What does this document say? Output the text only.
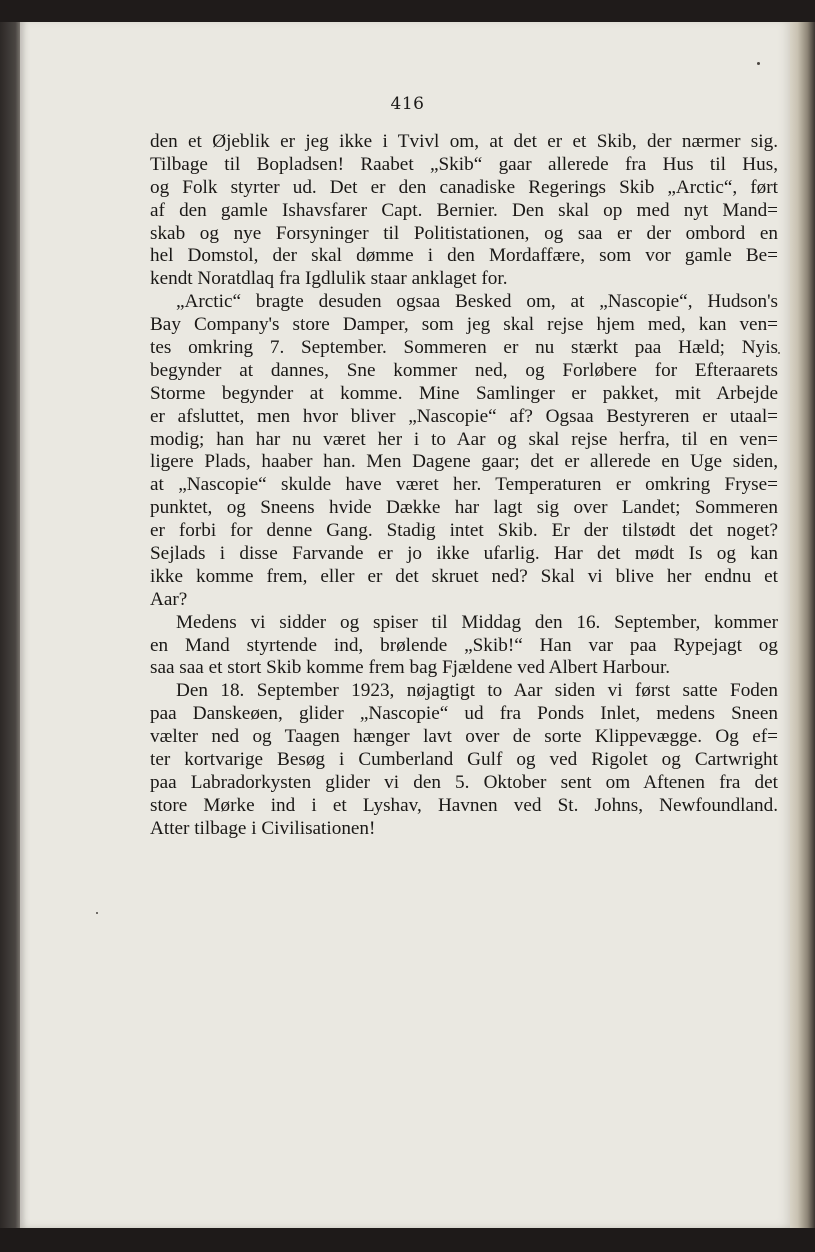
416
den et Øjeblik er jeg ikke i Tvivl om, at det er et Skib, der nærmer sig.
Tilbage til Bopladsen! Raabet „Skib“ gaar allerede fra Hus til Hus,
og Folk styrter ud. Det er den canadiske Regerings Skib „Arctic“, ført
af den gamle Ishavsfarer Capt. Bernier. Den skal op med nyt Mand=
skab og nye Forsyninger til Politistationen, og saa er der ombord en
hel Domstol, der skal dømme i den Mordaffære, som vor gamle Be=
kendt Noratdlaq fra Igdlulik staar anklaget for.
„Arctic“ bragte desuden ogsaa Besked om, at „Nascopie“, Hudson's
Bay Company's store Damper, som jeg skal rejse hjem med, kan ven=
tes omkring 7. September. Sommeren er nu stærkt paa Hæld; Nyis
begynder at dannes, Sne kommer ned, og Forløbere for Efteraarets
Storme begynder at komme. Mine Samlinger er pakket, mit Arbejde
er afsluttet, men hvor bliver „Nascopie“ af? Ogsaa Bestyreren er utaal=
modig; han har nu været her i to Aar og skal rejse herfra, til en ven=
ligere Plads, haaber han. Men Dagene gaar; det er allerede en Uge siden,
at „Nascopie“ skulde have været her. Temperaturen er omkring Fryse=
punktet, og Sneens hvide Dække har lagt sig over Landet; Sommeren
er forbi for denne Gang. Stadig intet Skib. Er der tilstødt det noget?
Sejlads i disse Farvande er jo ikke ufarlig. Har det mødt Is og kan
ikke komme frem, eller er det skruet ned? Skal vi blive her endnu et
Aar?
Medens vi sidder og spiser til Middag den 16. September, kommer
en Mand styrtende ind, brølende „Skib!“ Han var paa Rypejagt og
saa saa et stort Skib komme frem bag Fjældene ved Albert Harbour.
Den 18. September 1923, nøjagtigt to Aar siden vi først satte Foden
paa Danskeøen, glider „Nascopie“ ud fra Ponds Inlet, medens Sneen
vælter ned og Taagen hænger lavt over de sorte Klippevægge. Og ef=
ter kortvarige Besøg i Cumberland Gulf og ved Rigolet og Cartwright
paa Labradorkysten glider vi den 5. Oktober sent om Aftenen fra det
store Mørke ind i et Lyshav, Havnen ved St. Johns, Newfoundland.
Atter tilbage i Civilisationen!
